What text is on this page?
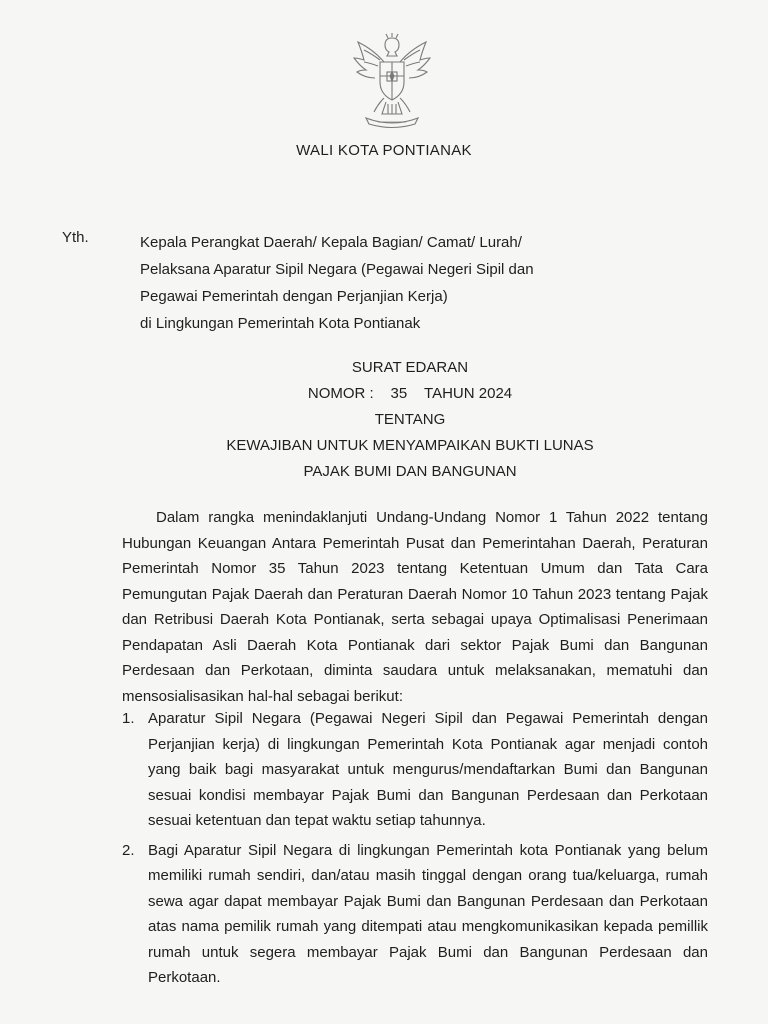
WALI KOTA PONTIANAK
Yth.	Kepala Perangkat Daerah/ Kepala Bagian/ Camat/ Lurah/
Pelaksana Aparatur Sipil Negara (Pegawai Negeri Sipil dan
Pegawai Pemerintah dengan Perjanjian Kerja)
di Lingkungan Pemerintah Kota Pontianak
SURAT EDARAN
NOMOR : 35 TAHUN 2024
TENTANG
KEWAJIBAN UNTUK MENYAMPAIKAN BUKTI LUNAS
PAJAK BUMI DAN BANGUNAN
Dalam rangka menindaklanjuti Undang-Undang Nomor 1 Tahun 2022 tentang Hubungan Keuangan Antara Pemerintah Pusat dan Pemerintahan Daerah, Peraturan Pemerintah Nomor 35 Tahun 2023 tentang Ketentuan Umum dan Tata Cara Pemungutan Pajak Daerah dan Peraturan Daerah Nomor 10 Tahun 2023 tentang Pajak dan Retribusi Daerah Kota Pontianak, serta sebagai upaya Optimalisasi Penerimaan Pendapatan Asli Daerah Kota Pontianak dari sektor Pajak Bumi dan Bangunan Perdesaan dan Perkotaan, diminta saudara untuk melaksanakan, mematuhi dan mensosialisasikan hal-hal sebagai berikut:
1. Aparatur Sipil Negara (Pegawai Negeri Sipil dan Pegawai Pemerintah dengan Perjanjian kerja) di lingkungan Pemerintah Kota Pontianak agar menjadi contoh yang baik bagi masyarakat untuk mengurus/mendaftarkan Bumi dan Bangunan sesuai kondisi membayar Pajak Bumi dan Bangunan Perdesaan dan Perkotaan sesuai ketentuan dan tepat waktu setiap tahunnya.
2. Bagi Aparatur Sipil Negara di lingkungan Pemerintah kota Pontianak yang belum memiliki rumah sendiri, dan/atau masih tinggal dengan orang tua/keluarga, rumah sewa agar dapat membayar Pajak Bumi dan Bangunan Perdesaan dan Perkotaan atas nama pemilik rumah yang ditempati atau mengkomunikasikan kepada pemillik rumah untuk segera membayar Pajak Bumi dan Bangunan Perdesaan dan Perkotaan.
